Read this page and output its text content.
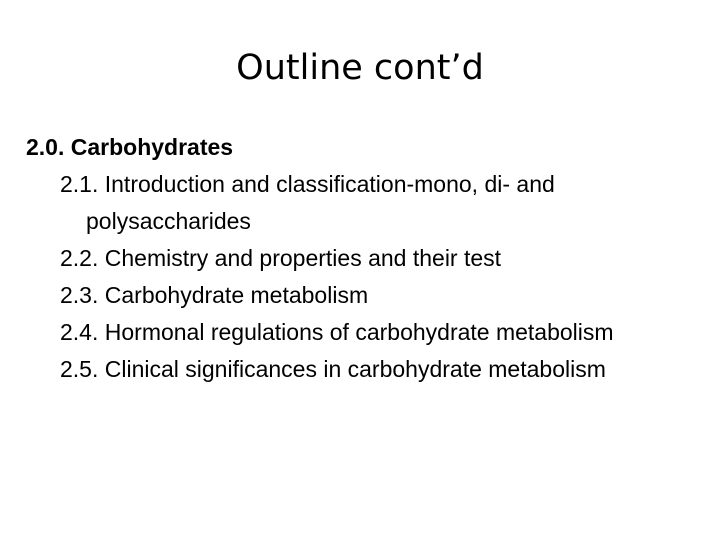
Outline cont’d
2.0. Carbohydrates
2.1. Introduction and classification-mono, di- and polysaccharides
2.2. Chemistry and properties and their test
2.3. Carbohydrate metabolism
2.4. Hormonal regulations of carbohydrate metabolism
2.5. Clinical significances in carbohydrate metabolism
